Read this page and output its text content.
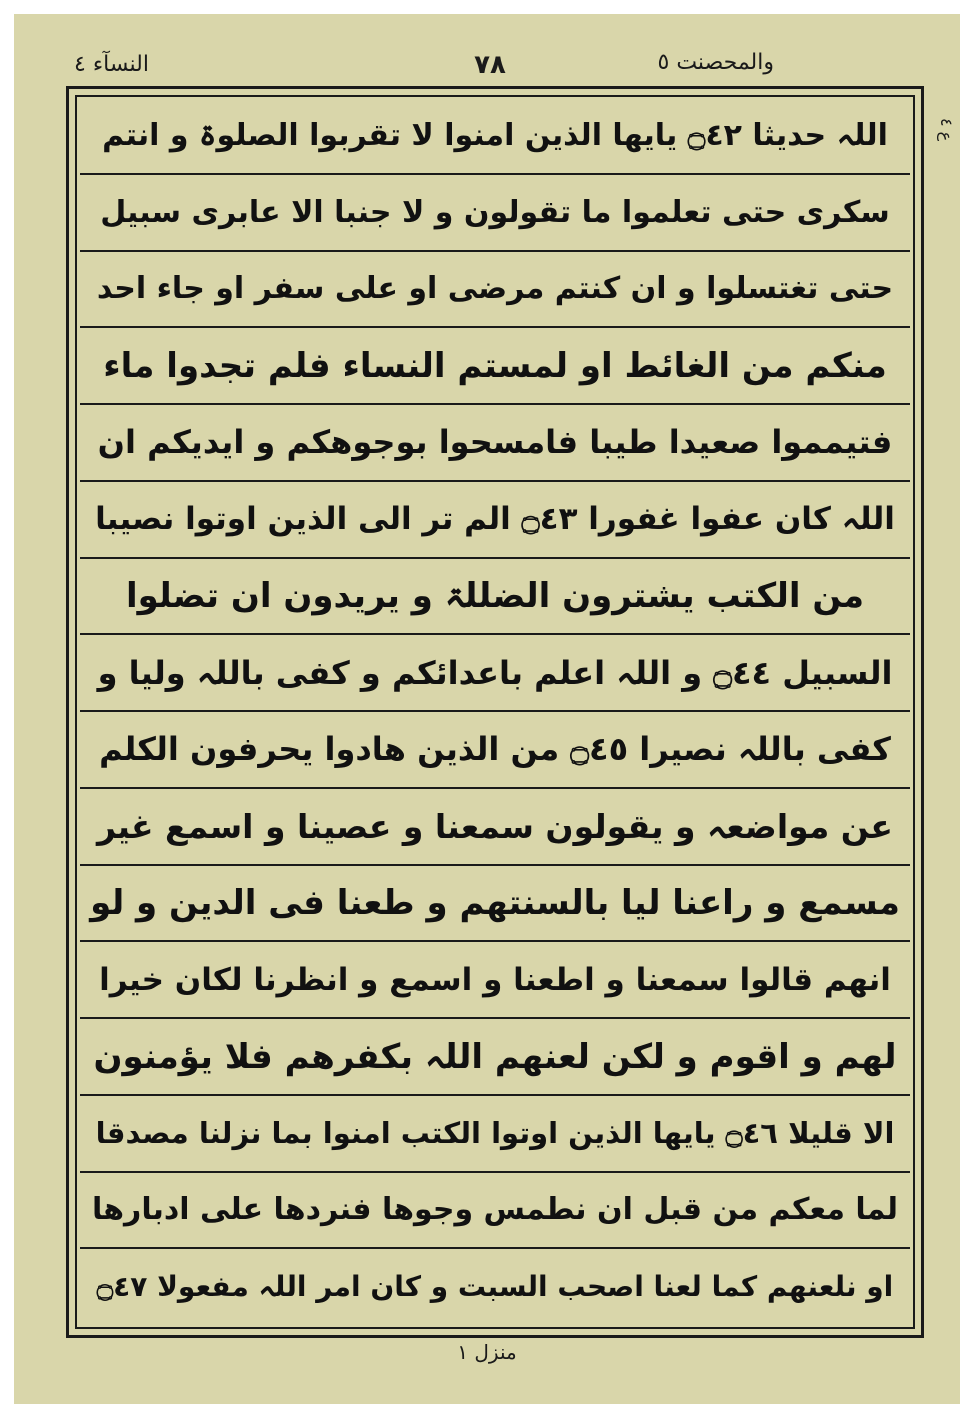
والمحصنت ٥
٧٨
النسآء ٤
ع ٤
اللہ حدیثا ۝٤٢ یایھا الذین امنوا لا تقربوا الصلوۃ و انتم
سکری حتی تعلموا ما تقولون و لا جنبا الا عابری سبیل
حتی تغتسلوا و ان کنتم مرضی او علی سفر او جاء احد
منکم من الغائط او لمستم النساء فلم تجدوا ماء
فتیمموا صعیدا طیبا فامسحوا بوجوھکم و ایدیکم ان
اللہ کان عفوا غفورا ۝٤٣ الم تر الی الذین اوتوا نصیبا
من الکتب یشترون الضللۃ و یریدون ان تضلوا
السبیل ۝٤٤ و اللہ اعلم باعدائکم و کفی باللہ ولیا و
کفی باللہ نصیرا ۝٤٥ من الذین ھادوا یحرفون الکلم
عن مواضعہ و یقولون سمعنا و عصینا و اسمع غیر
مسمع و راعنا لیا بالسنتھم و طعنا فی الدین و لو
انھم قالوا سمعنا و اطعنا و اسمع و انظرنا لکان خیرا
لھم و اقوم و لکن لعنھم اللہ بکفرھم فلا یؤمنون
الا قلیلا ۝٤٦ یایھا الذین اوتوا الکتب امنوا بما نزلنا مصدقا
لما معکم من قبل ان نطمس وجوھا فنردھا علی ادبارھا
او نلعنھم کما لعنا اصحب السبت و کان امر اللہ مفعولا ۝٤٧
منزل ١
